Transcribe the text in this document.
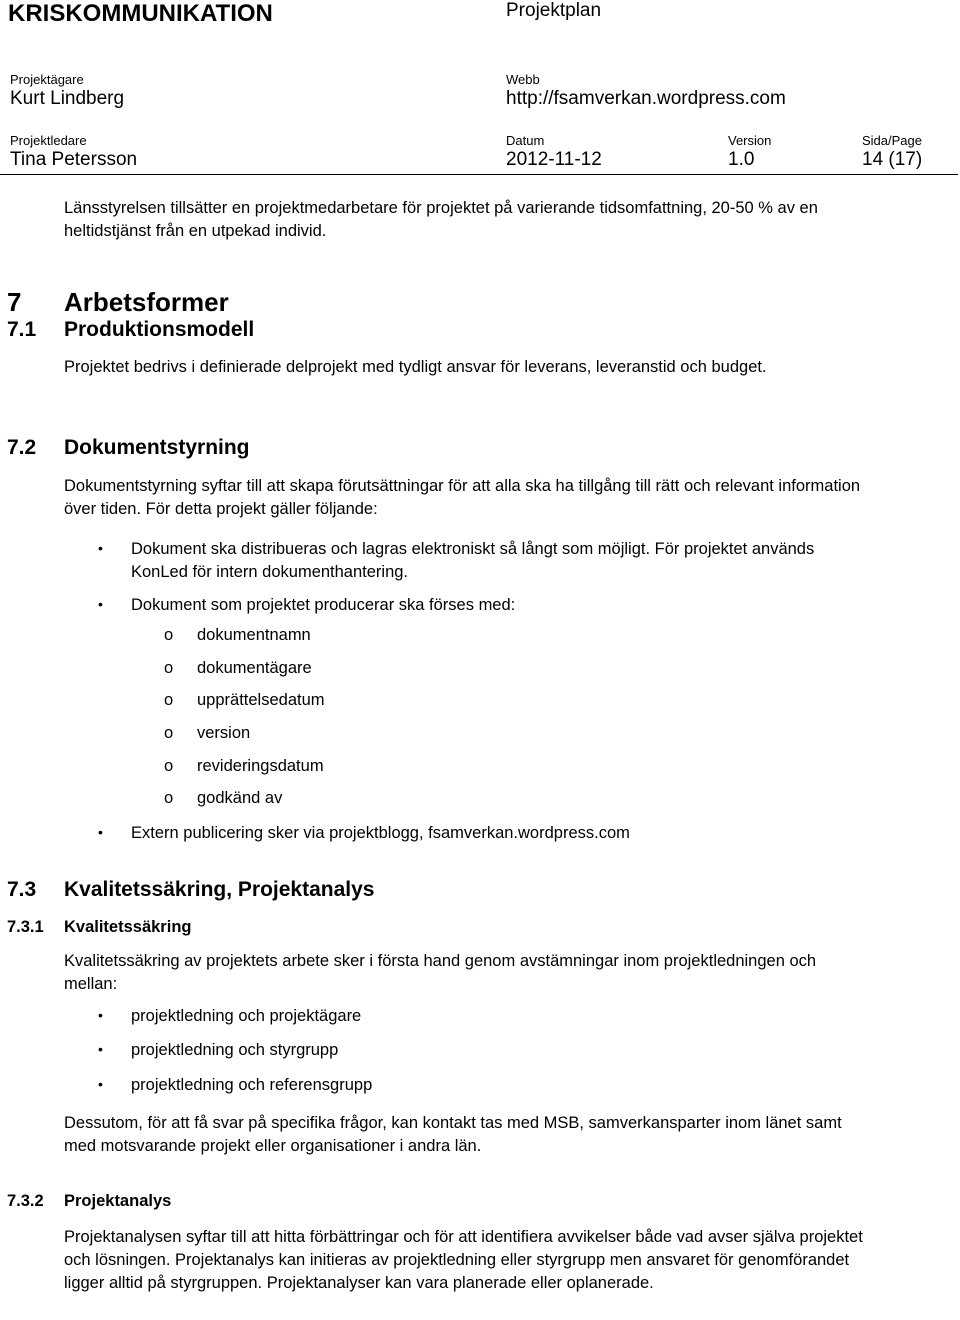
KRISKOMMUNIKATION	Projektplan
Projektägare
Kurt Lindberg
Webb
http://fsamverkan.wordpress.com
Projektledare
Tina Petersson
Datum
2012-11-12
Version
1.0
Sida/Page
14 (17)

Länsstyrelsen tillsätter en projektmedarbetare för projektet på varierande tidsomfattning, 20-50 % av en heltidstjänst från en utpekad individ.

7 Arbetsformer
7.1 Produktionsmodell

Projektet bedrivs i definierade delprojekt med tydligt ansvar för leverans, leveranstid och budget.

7.2 Dokumentstyrning

Dokumentstyrning syftar till att skapa förutsättningar för att alla ska ha tillgång till rätt och relevant information över tiden. För detta projekt gäller följande:

• Dokument ska distribueras och lagras elektroniskt så långt som möjligt. För projektet används KonLed för intern dokumenthantering.

• Dokument som projektet producerar ska förses med:

o dokumentnamn
o dokumentägare
o upprättelsedatum
o version
o revideringsdatum
o godkänd av
• Extern publicering sker via projektblogg, fsamverkan.wordpress.com

7.3 Kvalitetssäkring, Projektanalys
7.3.1 Kvalitetssäkring

Kvalitetssäkring av projektets arbete sker i första hand genom avstämningar inom projektledningen och mellan:

• projektledning och projektägare
• projektledning och styrgrupp
• projektledning och referensgrupp

Dessutom, för att få svar på specifika frågor, kan kontakt tas med MSB, samverkansparter inom länet samt med motsvarande projekt eller organisationer i andra län.

7.3.2 Projektanalys

Projektanalysen syftar till att hitta förbättringar och för att identifiera avvikelser både vad avser själva projektet och lösningen. Projektanalys kan initieras av projektledning eller styrgrupp men ansvaret för genomförandet ligger alltid på styrgruppen. Projektanalyser kan vara planerade eller oplanerade.
